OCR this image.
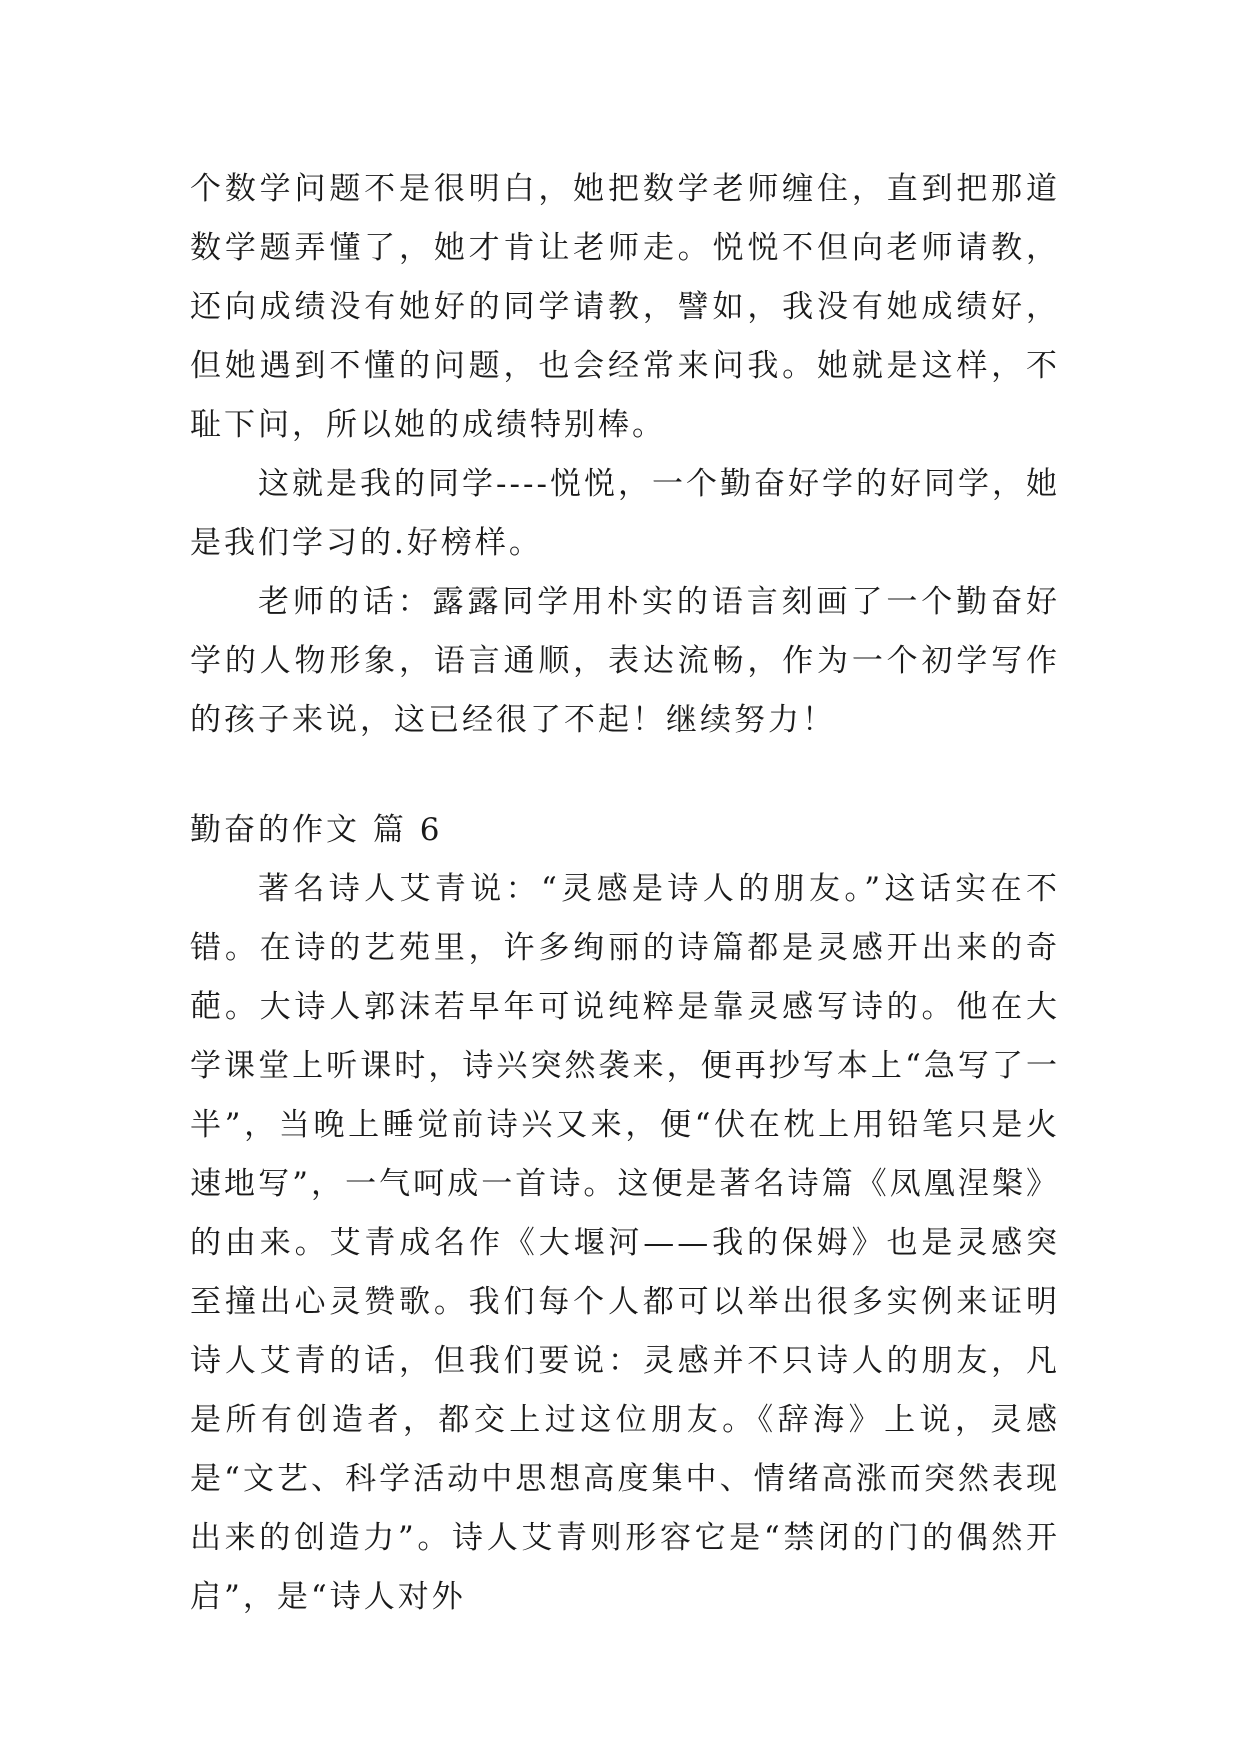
个数学问题不是很明白，她把数学老师缠住，直到把那道数学题弄懂了，她才肯让老师走。悦悦不但向老师请教，还向成绩没有她好的同学请教，譬如，我没有她成绩好，但她遇到不懂的问题，也会经常来问我。她就是这样，不耻下问，所以她的成绩特别棒。

这就是我的同学----悦悦，一个勤奋好学的好同学，她是我们学习的.好榜样。

老师的话：露露同学用朴实的语言刻画了一个勤奋好学的人物形象，语言通顺，表达流畅，作为一个初学写作的孩子来说，这已经很了不起！继续努力！

勤奋的作文 篇 6

著名诗人艾青说：“灵感是诗人的朋友。”这话实在不错。在诗的艺苑里，许多绚丽的诗篇都是灵感开出来的奇葩。大诗人郭沫若早年可说纯粹是靠灵感写诗的。他在大学课堂上听课时，诗兴突然袭来，便再抄写本上“急写了一半”，当晚上睡觉前诗兴又来，便“伏在枕上用铅笔只是火速地写”，一气呵成一首诗。这便是著名诗篇《凤凰涅槃》的由来。艾青成名作《大堰河——我的保姆》也是灵感突至撞出心灵赞歌。我们每个人都可以举出很多实例来证明诗人艾青的话，但我们要说：灵感并不只诗人的朋友，凡是所有创造者，都交上过这位朋友。《辞海》上说，灵感是“文艺、科学活动中思想高度集中、情绪高涨而突然表现出来的创造力”。诗人艾青则形容它是“禁闭的门的偶然开启”，是“诗人对外
